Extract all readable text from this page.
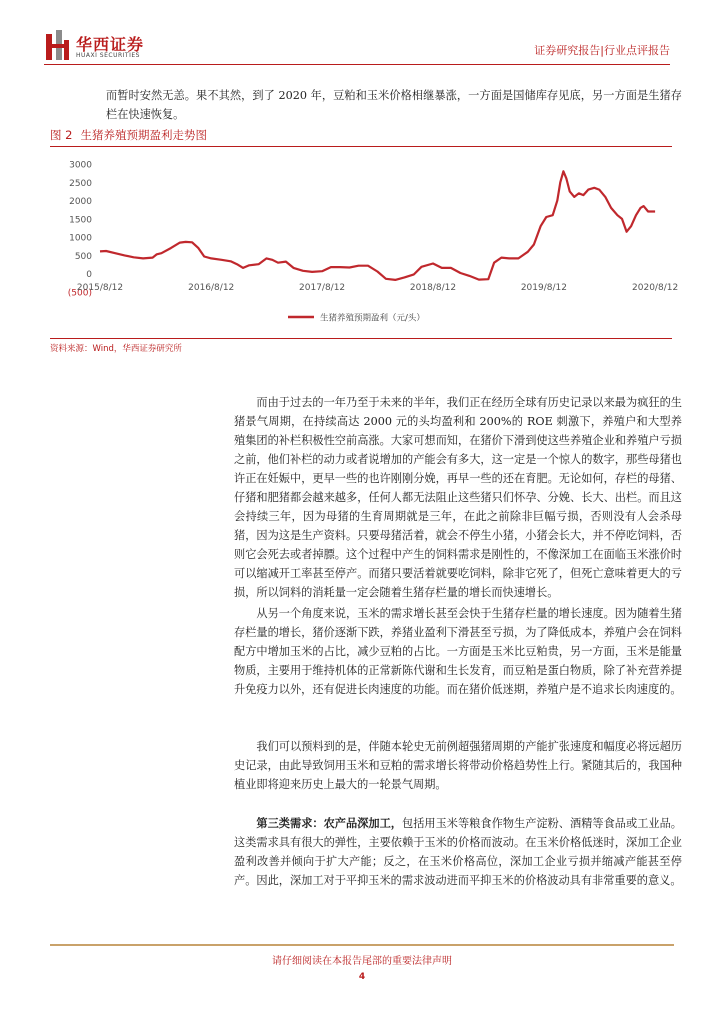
华西证券
HUAXI SECURITIES	证券研究报告|行业点评报告
而暂时安然无恙。果不其然，到了 2020 年，豆粕和玉米价格相继暴涨，一方面是国储库存见底，另一方面是生猪存栏在快速恢复。
图 2 生猪养殖预期盈利走势图
3000
2500
2000
1500
1000
500
0
(500)
2015/8/12	2016/8/12	2017/8/12	2018/8/12	2019/8/12	2020/8/12
生猪养殖预期盈利（元/头）
资料来源：Wind，华西证券研究所
而由于过去的一年乃至于未来的半年，我们正在经历全球有历史记录以来最为疯狂的生猪景气周期，在持续高达 2000 元的头均盈利和 200%的 ROE 刺激下，养殖户和大型养殖集团的补栏积极性空前高涨。大家可想而知，在猪价下滑到使这些养殖企业和养殖户亏损之前，他们补栏的动力或者说增加的产能会有多大，这一定是一个惊人的数字，那些母猪也许正在妊娠中，更早一些的也许刚刚分娩，再早一些的还在育肥。无论如何，存栏的母猪、仔猪和肥猪都会越来越多，任何人都无法阻止这些猪只们怀孕、分娩、长大、出栏。而且这会持续三年，因为母猪的生育周期就是三年，在此之前除非巨幅亏损，否则没有人会杀母猪，因为这是生产资料。只要母猪活着，就会不停生小猪，小猪会长大，并不停吃饲料，否则它会死去或者掉膘。这个过程中产生的饲料需求是刚性的，不像深加工在面临玉米涨价时可以缩减开工率甚至停产。而猪只要活着就要吃饲料，除非它死了，但死亡意味着更大的亏损，所以饲料的消耗量一定会随着生猪存栏量的增长而快速增长。
从另一个角度来说，玉米的需求增长甚至会快于生猪存栏量的增长速度。因为随着生猪存栏量的增长，猪价逐渐下跌，养猪业盈利下滑甚至亏损，为了降低成本，养殖户会在饲料配方中增加玉米的占比，减少豆粕的占比。一方面是玉米比豆粕贵，另一方面，玉米是能量物质，主要用于维持机体的正常新陈代谢和生长发育，而豆粕是蛋白物质，除了补充营养提升免疫力以外，还有促进长肉速度的功能。而在猪价低迷期，养殖户是不追求长肉速度的。
我们可以预料到的是，伴随本轮史无前例超强猪周期的产能扩张速度和幅度必将远超历史记录，由此导致饲用玉米和豆粕的需求增长将带动价格趋势性上行。紧随其后的，我国种植业即将迎来历史上最大的一轮景气周期。
第三类需求：农产品深加工，包括用玉米等粮食作物生产淀粉、酒精等食品或工业品。这类需求具有很大的弹性，主要依赖于玉米的价格而波动。在玉米价格低迷时，深加工企业盈利改善并倾向于扩大产能；反之，在玉米价格高位，深加工企业亏损并缩减产能甚至停产。因此，深加工对于平抑玉米的需求波动进而平抑玉米的价格波动具有非常重要的意义。
请仔细阅读在本报告尾部的重要法律声明
4
